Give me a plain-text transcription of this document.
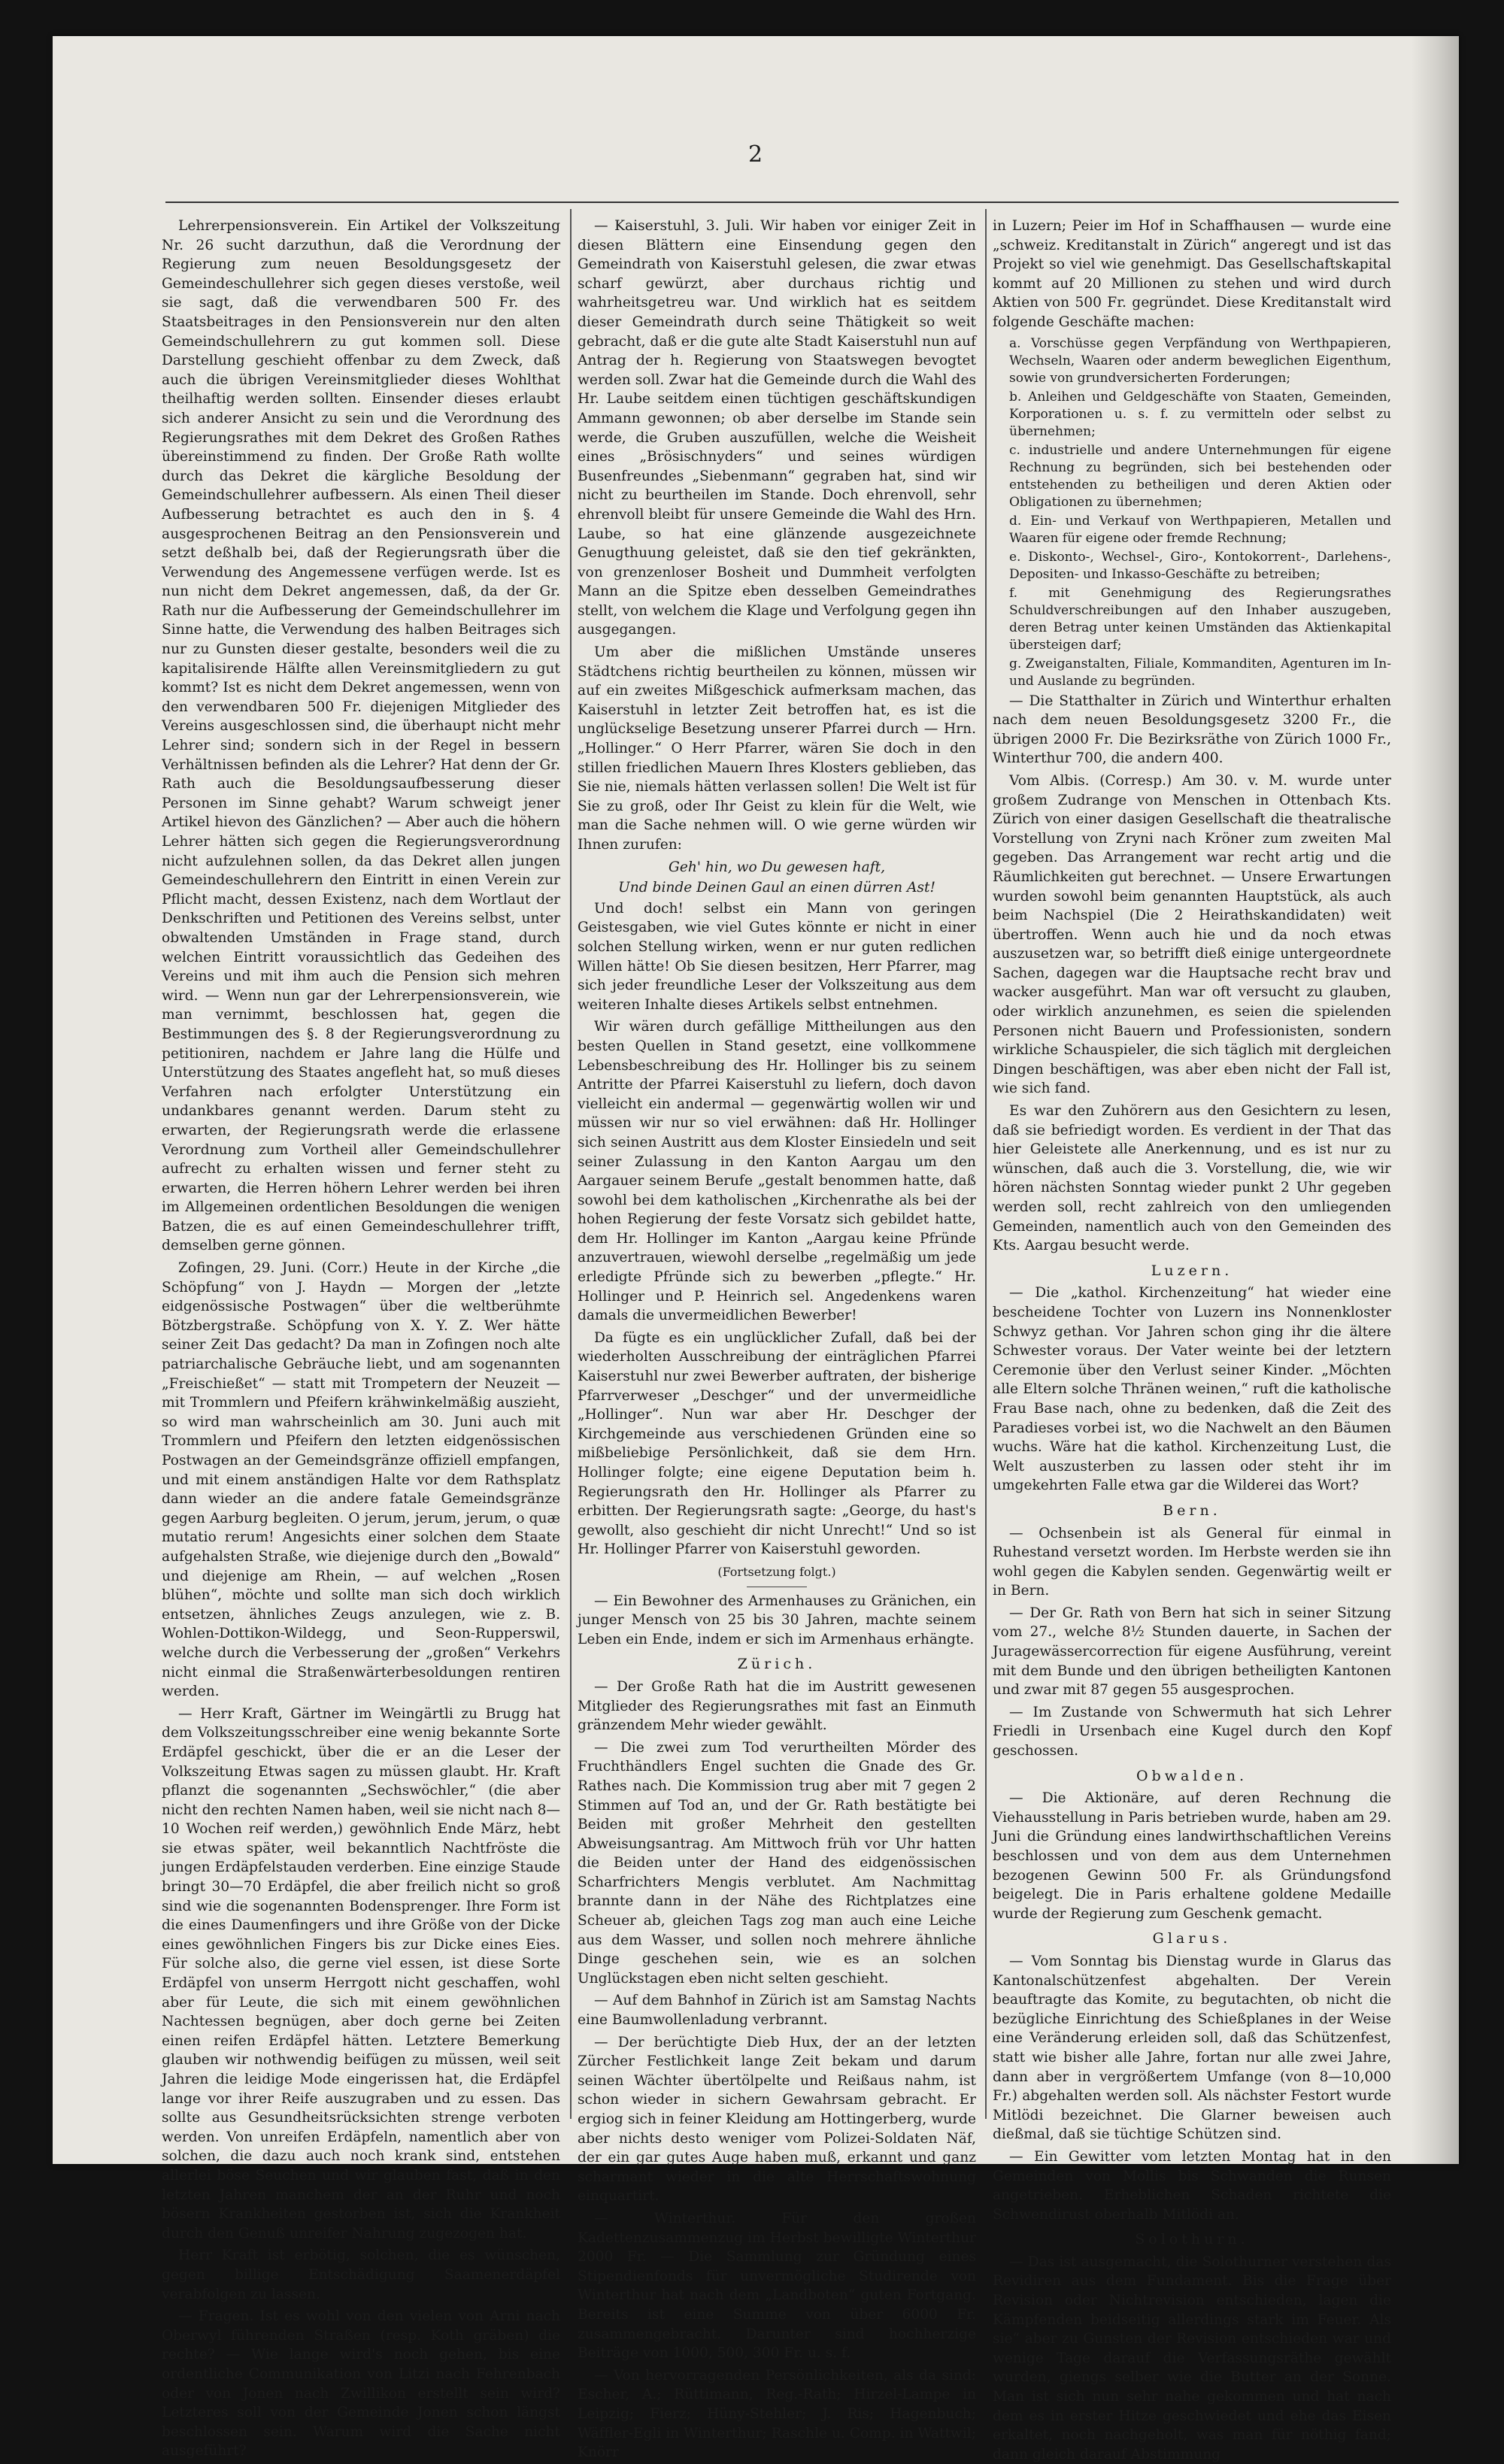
2

Lehrerpensionsverein. Ein Artikel der Volkszeitung Nr. 26 sucht darzuthun, daß die Verordnung der Regierung zum neuen Besoldungsgesetz der Gemeindeschullehrer sich gegen dieses verstoße, weil sie sagt, daß die verwendbaren 500 Fr. des Staatsbeitrages in den Pensionsverein nur den alten Gemeindschullehrern zu gut kommen soll. Diese Darstellung geschieht offenbar zu dem Zweck, daß auch die übrigen Vereinsmitglieder dieses Wohlthat theilhaftig werden sollten. Einsender dieses erlaubt sich anderer Ansicht zu sein und die Verordnung des Regierungsrathes mit dem Dekret des Großen Rathes übereinstimmend zu finden. Der Große Rath wollte durch das Dekret die kärgliche Besoldung der Gemeindschullehrer aufbessern. Als einen Theil dieser Aufbesserung betrachtet es auch den in §. 4 ausgesprochenen Beitrag an den Pensionsverein und setzt deßhalb bei, daß der Regierungsrath über die Verwendung des Angemessene verfügen werde. Ist es nun nicht dem Dekret angemessen, daß, da der Gr. Rath nur die Aufbesserung der Gemeindschullehrer im Sinne hatte, die Verwendung des halben Beitrages sich nur zu Gunsten dieser gestalte, besonders weil die zu kapitalisirende Hälfte allen Vereinsmitgliedern zu gut kommt? Ist es nicht dem Dekret angemessen, wenn von den verwendbaren 500 Fr. diejenigen Mitglieder des Vereins ausgeschlossen sind, die überhaupt nicht mehr Lehrer sind; sondern sich in der Regel in bessern Verhältnissen befinden als die Lehrer? Hat denn der Gr. Rath auch die Besoldungsaufbesserung dieser Personen im Sinne gehabt? Warum schweigt jener Artikel hievon des Gänzlichen? — Aber auch die höhern Lehrer hätten sich gegen die Regierungsverordnung nicht aufzulehnen sollen, da das Dekret allen jungen Gemeindeschullehrern den Eintritt in einen Verein zur Pflicht macht, dessen Existenz, nach dem Wortlaut der Denkschriften und Petitionen des Vereins selbst, unter obwaltenden Umständen in Frage stand, durch welchen Eintritt voraussichtlich das Gedeihen des Vereins und mit ihm auch die Pension sich mehren wird. — Wenn nun gar der Lehrerpensionsverein, wie man vernimmt, beschlossen hat, gegen die Bestimmungen des §. 8 der Regierungsverordnung zu petitioniren, nachdem er Jahre lang die Hülfe und Unterstützung des Staates angefleht hat, so muß dieses Verfahren nach erfolgter Unterstützung ein undankbares genannt werden. Darum steht zu erwarten, der Regierungsrath werde die erlassene Verordnung zum Vortheil aller Gemeindschullehrer aufrecht zu erhalten wissen und ferner steht zu erwarten, die Herren höhern Lehrer werden bei ihren im Allgemeinen ordentlichen Besoldungen die wenigen Batzen, die es auf einen Gemeindeschullehrer trifft, demselben gerne gönnen.

Zofingen, 29. Juni. (Corr.) Heute in der Kirche „die Schöpfung“ von J. Haydn — Morgen der „letzte eidgenössische Postwagen“ über die weltberühmte Bötzbergstraße. Schöpfung von X. Y. Z. Wer hätte seiner Zeit Das gedacht? Da man in Zofingen noch alte patriarchalische Gebräuche liebt, und am sogenannten „Freischießet“ — statt mit Trompetern der Neuzeit — mit Trommlern und Pfeifern krähwinkelmäßig auszieht, so wird man wahrscheinlich am 30. Juni auch mit Trommlern und Pfeifern den letzten eidgenössischen Postwagen an der Gemeindsgränze offiziell empfangen, und mit einem anständigen Halte vor dem Rathsplatz dann wieder an die andere fatale Gemeindsgränze gegen Aarburg begleiten. O jerum, jerum, jerum, o quæ mutatio rerum! Angesichts einer solchen dem Staate aufgehalsten Straße, wie diejenige durch den „Bowald“ und diejenige am Rhein, — auf welchen „Rosen blühen“, möchte und sollte man sich doch wirklich entsetzen, ähnliches Zeugs anzulegen, wie z. B. Wohlen-Dottikon-Wildegg, und Seon-Rupperswil, welche durch die Verbesserung der „großen“ Verkehrs nicht einmal die Straßenwärterbesoldungen rentiren werden.

— Herr Kraft, Gärtner im Weingärtli zu Brugg hat dem Volkszeitungsschreiber eine wenig bekannte Sorte Erdäpfel geschickt, über die er an die Leser der Volkszeitung Etwas sagen zu müssen glaubt. Hr. Kraft pflanzt die sogenannten „Sechswöchler,“ (die aber nicht den rechten Namen haben, weil sie nicht nach 8—10 Wochen reif werden,) gewöhnlich Ende März, hebt sie etwas später, weil bekanntlich Nachtfröste die jungen Erdäpfelstauden verderben. Eine einzige Staude bringt 30—70 Erdäpfel, die aber freilich nicht so groß sind wie die sogenannten Bodensprenger. Ihre Form ist die eines Daumenfingers und ihre Größe von der Dicke eines gewöhnlichen Fingers bis zur Dicke eines Eies. Für solche also, die gerne viel essen, ist diese Sorte Erdäpfel von unserm Herrgott nicht geschaffen, wohl aber für Leute, die sich mit einem gewöhnlichen Nachtessen begnügen, aber doch gerne bei Zeiten einen reifen Erdäpfel hätten. Letztere Bemerkung glauben wir nothwendig beifügen zu müssen, weil seit Jahren die leidige Mode eingerissen hat, die Erdäpfel lange vor ihrer Reife auszugraben und zu essen. Das sollte aus Gesundheitsrücksichten strenge verboten werden. Von unreifen Erdäpfeln, namentlich aber von solchen, die dazu auch noch krank sind, entstehen allerlei böse Seuchen und wir glauben fast, daß in den letzten Jahren manchem der an der Ruhr und noch bösern Krankheiten gestorben ist, sich die Krankheit durch den Genuß unreifer Nahrung zugezogen hat.

Herr Kraft ist erbötig, solchen, die es wünschen, gegen billige Entschädigung Saamenerdäpfel verabfolgen zu lassen.

— Fragen. Ist es wohl von den vielen von Arni nach Oberwyl führenden Straßen (resp. Koth gräben) die rechte? — Wie lange wird's noch gehen, bis eine ordentliche Communikation von Litzi nach Fehrenbach oder von Jonen nach Zwillikon erstellt sein wird? Letzteres soll von der Gemeinde Jonen schon längst beschlossen sein. Warum wird die Sache nicht ausgeführt?

— Kaiserstuhl, 3. Juli. Wir haben vor einiger Zeit in diesen Blättern eine Einsendung gegen den Gemeindrath von Kaiserstuhl gelesen, die zwar etwas scharf gewürzt, aber durchaus richtig und wahrheitsgetreu war. Und wirklich hat es seitdem dieser Gemeindrath durch seine Thätigkeit so weit gebracht, daß er die gute alte Stadt Kaiserstuhl nun auf Antrag der h. Regierung von Staatswegen bevogtet werden soll. Zwar hat die Gemeinde durch die Wahl des Hr. Laube seitdem einen tüchtigen geschäftskundigen Ammann gewonnen; ob aber derselbe im Stande sein werde, die Gruben auszufüllen, welche die Weisheit eines „Brösischnyders“ und seines würdigen Busenfreundes „Siebenmann“ gegraben hat, sind wir nicht zu beurtheilen im Stande. Doch ehrenvoll, sehr ehrenvoll bleibt für unsere Gemeinde die Wahl des Hrn. Laube, so hat eine glänzende ausgezeichnete Genugthuung geleistet, daß sie den tief gekränkten, von grenzenloser Bosheit und Dummheit verfolgten Mann an die Spitze eben desselben Gemeindrathes stellt, von welchem die Klage und Verfolgung gegen ihn ausgegangen.

Um aber die mißlichen Umstände unseres Städtchens richtig beurtheilen zu können, müssen wir auf ein zweites Mißgeschick aufmerksam machen, das Kaiserstuhl in letzter Zeit betroffen hat, es ist die unglückselige Besetzung unserer Pfarrei durch — Hrn. „Hollinger.“ O Herr Pfarrer, wären Sie doch in den stillen friedlichen Mauern Ihres Klosters geblieben, das Sie nie, niemals hätten verlassen sollen! Die Welt ist für Sie zu groß, oder Ihr Geist zu klein für die Welt, wie man die Sache nehmen will. O wie gerne würden wir Ihnen zurufen:

Geh' hin, wo Du gewesen haft,

Und binde Deinen Gaul an einen dürren Ast!

Und doch! selbst ein Mann von geringen Geistesgaben, wie viel Gutes könnte er nicht in einer solchen Stellung wirken, wenn er nur guten redlichen Willen hätte! Ob Sie diesen besitzen, Herr Pfarrer, mag sich jeder freundliche Leser der Volkszeitung aus dem weiteren Inhalte dieses Artikels selbst entnehmen.

Wir wären durch gefällige Mittheilungen aus den besten Quellen in Stand gesetzt, eine vollkommene Lebensbeschreibung des Hr. Hollinger bis zu seinem Antritte der Pfarrei Kaiserstuhl zu liefern, doch davon vielleicht ein andermal — gegenwärtig wollen wir und müssen wir nur so viel erwähnen: daß Hr. Hollinger sich seinen Austritt aus dem Kloster Einsiedeln und seit seiner Zulassung in den Kanton Aargau um den Aargauer seinem Berufe „gestalt benommen hatte, daß sowohl bei dem katholischen „Kirchenrathe als bei der hohen Regierung der feste Vorsatz sich gebildet hatte, dem Hr. Hollinger im Kanton „Aargau keine Pfründe anzuvertrauen, wiewohl derselbe „regelmäßig um jede erledigte Pfründe sich zu bewerben „pflegte.“ Hr. Hollinger und P. Heinrich sel. Angedenkens waren damals die unvermeidlichen Bewerber!

Da fügte es ein unglücklicher Zufall, daß bei der wiederholten Ausschreibung der einträglichen Pfarrei Kaiserstuhl nur zwei Bewerber auftraten, der bisherige Pfarrverweser „Deschger“ und der unvermeidliche „Hollinger“. Nun war aber Hr. Deschger der Kirchgemeinde aus verschiedenen Gründen eine so mißbeliebige Persönlichkeit, daß sie dem Hrn. Hollinger folgte; eine eigene Deputation beim h. Regierungsrath den Hr. Hollinger als Pfarrer zu erbitten. Der Regierungsrath sagte: „George, du hast's gewollt, also geschieht dir nicht Unrecht!“ Und so ist Hr. Hollinger Pfarrer von Kaiserstuhl geworden.

(Fortsetzung folgt.)

— Ein Bewohner des Armenhauses zu Gränichen, ein junger Mensch von 25 bis 30 Jahren, machte seinem Leben ein Ende, indem er sich im Armenhaus erhängte.

Zürich.

— Der Große Rath hat die im Austritt gewesenen Mitglieder des Regierungsrathes mit fast an Einmuth gränzendem Mehr wieder gewählt.

— Die zwei zum Tod verurtheilten Mörder des Fruchthändlers Engel suchten die Gnade des Gr. Rathes nach. Die Kommission trug aber mit 7 gegen 2 Stimmen auf Tod an, und der Gr. Rath bestätigte bei Beiden mit großer Mehrheit den gestellten Abweisungsantrag. Am Mittwoch früh vor Uhr hatten die Beiden unter der Hand des eidgenössischen Scharfrichters Mengis verblutet. Am Nachmittag brannte dann in der Nähe des Richtplatzes eine Scheuer ab, gleichen Tags zog man auch eine Leiche aus dem Wasser, und sollen noch mehrere ähnliche Dinge geschehen sein, wie es an solchen Unglückstagen eben nicht selten geschieht.

— Auf dem Bahnhof in Zürich ist am Samstag Nachts eine Baumwollenladung verbrannt.

— Der berüchtigte Dieb Hux, der an der letzten Zürcher Festlichkeit lange Zeit bekam und darum seinen Wächter übertölpelte und Reißaus nahm, ist schon wieder in sichern Gewahrsam gebracht. Er ergiog sich in feiner Kleidung am Hottingerberg, wurde aber nichts desto weniger vom Polizei-Soldaten Näf, der ein gar gutes Auge haben muß, erkannt und ganz scharmant wieder in die alte Herrschaftswohnung einquartirt.

— Winterthur. Für den großen Kadettenzusammenzug im Herbst bewilligte Winterthur 2000 Fr. — Die Sammlung zur Gründung eines Stipendienfonds für unvermögliche Studirende von Winterthur hat nach dem „Landboten“ guten Fortgang. Bereits ist eine Summe von über 6000 Fr. zusammengebracht. Darunter sind hochherzige Beiträge von 1000, 500, 300 Fr. u. s. f.

— Von hervorragenden Persönlichkeiten, als da sind: Escher, A.; Rüttimann, Reg.-Rath; Hirzel-Lampe in Leipzig; Fierz; Hüny-Stehler; J. Ris; Hagenbuch; Wäffler-Egli in Winterthur; Raschle u. Comp. in Wattwil; Knörr

in Luzern; Peier im Hof in Schaffhausen — wurde eine „schweiz. Kreditanstalt in Zürich“ angeregt und ist das Projekt so viel wie genehmigt. Das Gesellschaftskapital kommt auf 20 Millionen zu stehen und wird durch Aktien von 500 Fr. gegründet. Diese Kreditanstalt wird folgende Geschäfte machen:

a. Vorschüsse gegen Verpfändung von Werthpapieren, Wechseln, Waaren oder anderm beweglichen Eigenthum, sowie von grundversicherten Forderungen;

b. Anleihen und Geldgeschäfte von Staaten, Gemeinden, Korporationen u. s. f. zu vermitteln oder selbst zu übernehmen;

c. industrielle und andere Unternehmungen für eigene Rechnung zu begründen, sich bei bestehenden oder entstehenden zu betheiligen und deren Aktien oder Obligationen zu übernehmen;

d. Ein- und Verkauf von Werthpapieren, Metallen und Waaren für eigene oder fremde Rechnung;

e. Diskonto-, Wechsel-, Giro-, Kontokorrent-, Darlehens-, Depositen- und Inkasso-Geschäfte zu betreiben;

f. mit Genehmigung des Regierungsrathes Schuldverschreibungen auf den Inhaber auszugeben, deren Betrag unter keinen Umständen das Aktienkapital übersteigen darf;

g. Zweiganstalten, Filiale, Kommanditen, Agenturen im In- und Auslande zu begründen.

— Die Statthalter in Zürich und Winterthur erhalten nach dem neuen Besoldungsgesetz 3200 Fr., die übrigen 2000 Fr. Die Bezirksräthe von Zürich 1000 Fr., Winterthur 700, die andern 400.

Vom Albis. (Corresp.) Am 30. v. M. wurde unter großem Zudrange von Menschen in Ottenbach Kts. Zürich von einer dasigen Gesellschaft die theatralische Vorstellung von Zryni nach Kröner zum zweiten Mal gegeben. Das Arrangement war recht artig und die Räumlichkeiten gut berechnet. — Unsere Erwartungen wurden sowohl beim genannten Hauptstück, als auch beim Nachspiel (Die 2 Heirathskandidaten) weit übertroffen. Wenn auch hie und da noch etwas auszusetzen war, so betrifft dieß einige untergeordnete Sachen, dagegen war die Hauptsache recht brav und wacker ausgeführt. Man war oft versucht zu glauben, oder wirklich anzunehmen, es seien die spielenden Personen nicht Bauern und Professionisten, sondern wirkliche Schauspieler, die sich täglich mit dergleichen Dingen beschäftigen, was aber eben nicht der Fall ist, wie sich fand.

Es war den Zuhörern aus den Gesichtern zu lesen, daß sie befriedigt worden. Es verdient in der That das hier Geleistete alle Anerkennung, und es ist nur zu wünschen, daß auch die 3. Vorstellung, die, wie wir hören nächsten Sonntag wieder punkt 2 Uhr gegeben werden soll, recht zahlreich von den umliegenden Gemeinden, namentlich auch von den Gemeinden des Kts. Aargau besucht werde.

Luzern.

— Die „kathol. Kirchenzeitung“ hat wieder eine bescheidene Tochter von Luzern ins Nonnenkloster Schwyz gethan. Vor Jahren schon ging ihr die ältere Schwester voraus. Der Vater weinte bei der letztern Ceremonie über den Verlust seiner Kinder. „Möchten alle Eltern solche Thränen weinen,“ ruft die katholische Frau Base nach, ohne zu bedenken, daß die Zeit des Paradieses vorbei ist, wo die Nachwelt an den Bäumen wuchs. Wäre hat die kathol. Kirchenzeitung Lust, die Welt auszusterben zu lassen oder steht ihr im umgekehrten Falle etwa gar die Wilderei das Wort?

Bern.

— Ochsenbein ist als General für einmal in Ruhestand versetzt worden. Im Herbste werden sie ihn wohl gegen die Kabylen senden. Gegenwärtig weilt er in Bern.

— Der Gr. Rath von Bern hat sich in seiner Sitzung vom 27., welche 8½ Stunden dauerte, in Sachen der Juragewässercorrection für eigene Ausführung, vereint mit dem Bunde und den übrigen betheiligten Kantonen und zwar mit 87 gegen 55 ausgesprochen.

— Im Zustande von Schwermuth hat sich Lehrer Friedli in Ursenbach eine Kugel durch den Kopf geschossen.

Obwalden.

— Die Aktionäre, auf deren Rechnung die Viehausstellung in Paris betrieben wurde, haben am 29. Juni die Gründung eines landwirthschaftlichen Vereins beschlossen und von dem aus dem Unternehmen bezogenen Gewinn 500 Fr. als Gründungsfond beigelegt. Die in Paris erhaltene goldene Medaille wurde der Regierung zum Geschenk gemacht.

Glarus.

— Vom Sonntag bis Dienstag wurde in Glarus das Kantonalschützenfest abgehalten. Der Verein beauftragte das Komite, zu begutachten, ob nicht die bezügliche Einrichtung des Schießplanes in der Weise eine Veränderung erleiden soll, daß das Schützenfest, statt wie bisher alle Jahre, fortan nur alle zwei Jahre, dann aber in vergrößertem Umfange (von 8—10,000 Fr.) abgehalten werden soll. Als nächster Festort wurde Mitlödi bezeichnet. Die Glarner beweisen auch dießmal, daß sie tüchtige Schützen sind.

— Ein Gewitter vom letzten Montag hat in den Gemeinden von Mollis bis Schwanden die Runsen angetrieben. Erheblichen Schaden richtete die Schwendirust oberhalb Mitlödi an.

Solothurn.

— Das ist ausgemacht, die Solothurner verstehen das Revidiren aus dem Fundament. Bis die Frage über Revision oder Nichtrevision entschieden, lagen die Kämpfenden beidseitig allerdings stark im Feuer. Als sie“ aber zu Gunsten der Revision entschieden war und wenige Tage darauf die Verfassungsräthe gewählt wurden, giengs selber wie die Butter an der Sonne. Man ist sich nun sehr nahe gekommen und hat nach dem es in erster Hitze geschwiedet und ehe das Eisen erkaltet, noch nachgeholt, was man für nöthig fand; dann gleich darauf Abstimmung
